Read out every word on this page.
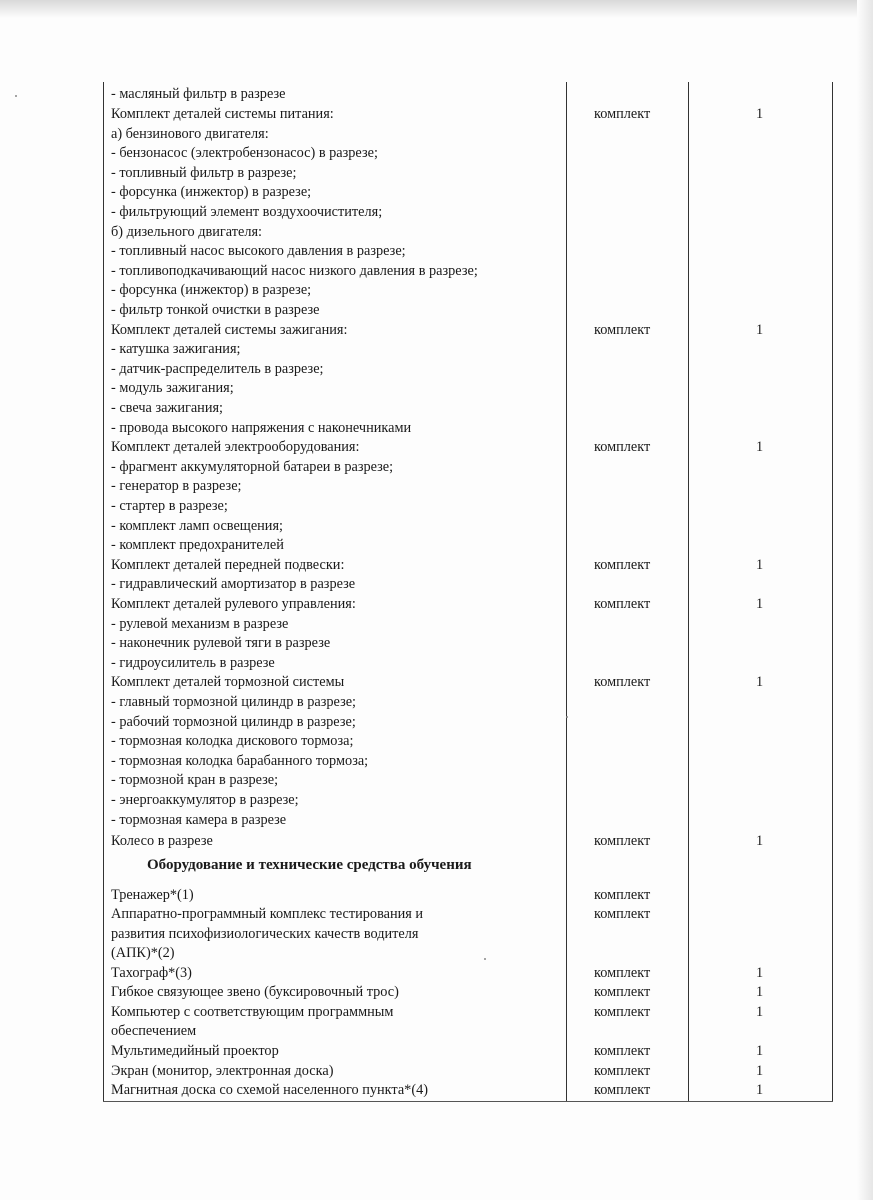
- масляный фильтр в разрезе
Комплект деталей системы питания:	комплект	1
а) бензинового двигателя:
- бензонасос (электробензонасос) в разрезе;
- топливный фильтр в разрезе;
- форсунка (инжектор) в разрезе;
- фильтрующий элемент воздухоочистителя;
б) дизельного двигателя:
- топливный насос высокого давления в разрезе;
- топливоподкачивающий насос низкого давления в разрезе;
- форсунка (инжектор) в разрезе;
- фильтр тонкой очистки в разрезе
Комплект деталей системы зажигания:	комплект	1
- катушка зажигания;
- датчик-распределитель в разрезе;
- модуль зажигания;
- свеча зажигания;
- провода высокого напряжения с наконечниками
Комплект деталей электрооборудования:	комплект	1
- фрагмент аккумуляторной батареи в разрезе;
- генератор в разрезе;
- стартер в разрезе;
- комплект ламп освещения;
- комплект предохранителей
Комплект деталей передней подвески:	комплект	1
- гидравлический амортизатор в разрезе
Комплект деталей рулевого управления:	комплект	1
- рулевой механизм в разрезе
- наконечник рулевой тяги в разрезе
- гидроусилитель в разрезе
Комплект деталей тормозной системы	комплект	1
- главный тормозной цилиндр в разрезе;
- рабочий тормозной цилиндр в разрезе;
- тормозная колодка дискового тормоза;
- тормозная колодка барабанного тормоза;
- тормозной кран в разрезе;
- энергоаккумулятор в разрезе;
- тормозная камера в разрезе
Колесо в разрезе	комплект	1
Оборудование и технические средства обучения
Тренажер*(1)	комплект
Аппаратно-программный комплекс тестирования и	комплект
развития психофизиологических качеств водителя
(АПК)*(2)
Тахограф*(3)	комплект	1
Гибкое связующее звено (буксировочный трос)	комплект	1
Компьютер с соответствующим программным	комплект	1
обеспечением
Мультимедийный проектор	комплект	1
Экран (монитор, электронная доска)	комплект	1
Магнитная доска со схемой населенного пункта*(4)	комплект	1
